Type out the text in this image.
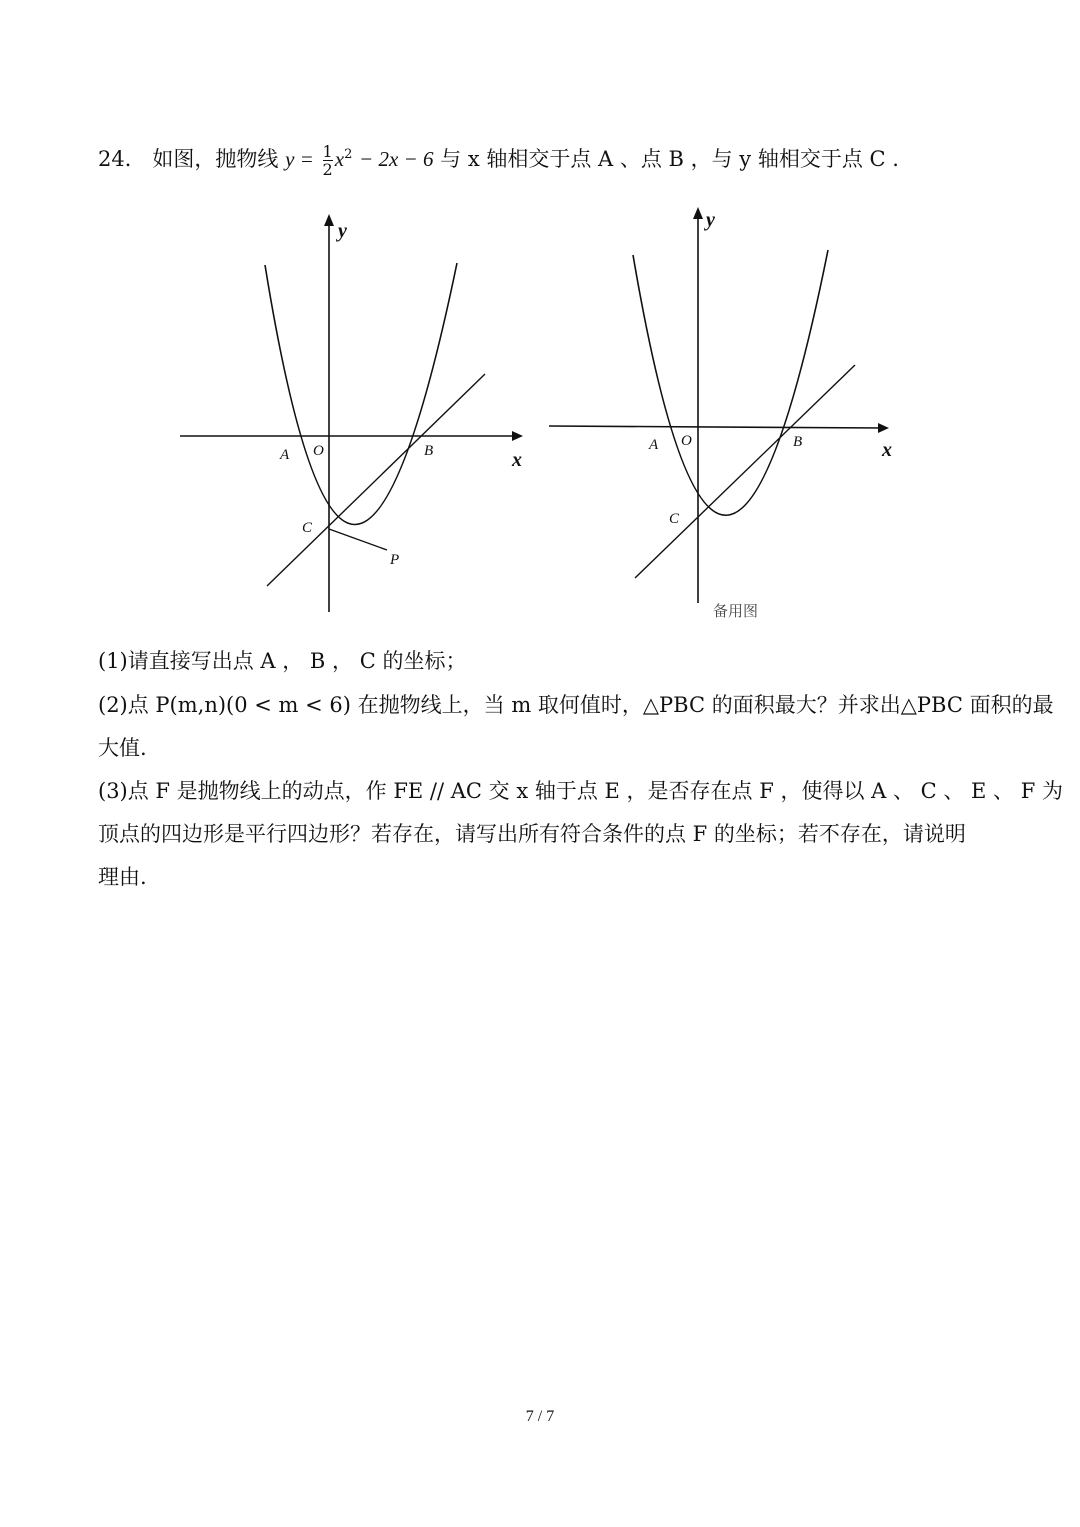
24． 如图，抛物线 $y = \frac{1}{2} x^2 - 2x - 6$ 与 x 轴相交于点 A 、点 B ，与 y 轴相交于点 C .
y
x
A O	B
C
P
y
x
A O	B
C
备用图
(1)请直接写出点 A ， B ， C 的坐标；
(2)点 P(m,n)(0 < m < 6) 在抛物线上，当 m 取何值时，△PBC 的面积最大？并求出△PBC 面积的最
大值.
(3)点 F 是抛物线上的动点，作 FE // AC 交 x 轴于点 E ，是否存在点 F ，使得以 A 、 C 、 E 、 F 为
顶点的四边形是平行四边形？若存在，请写出所有符合条件的点 F 的坐标；若不存在，请说明
理由.
7 / 7
